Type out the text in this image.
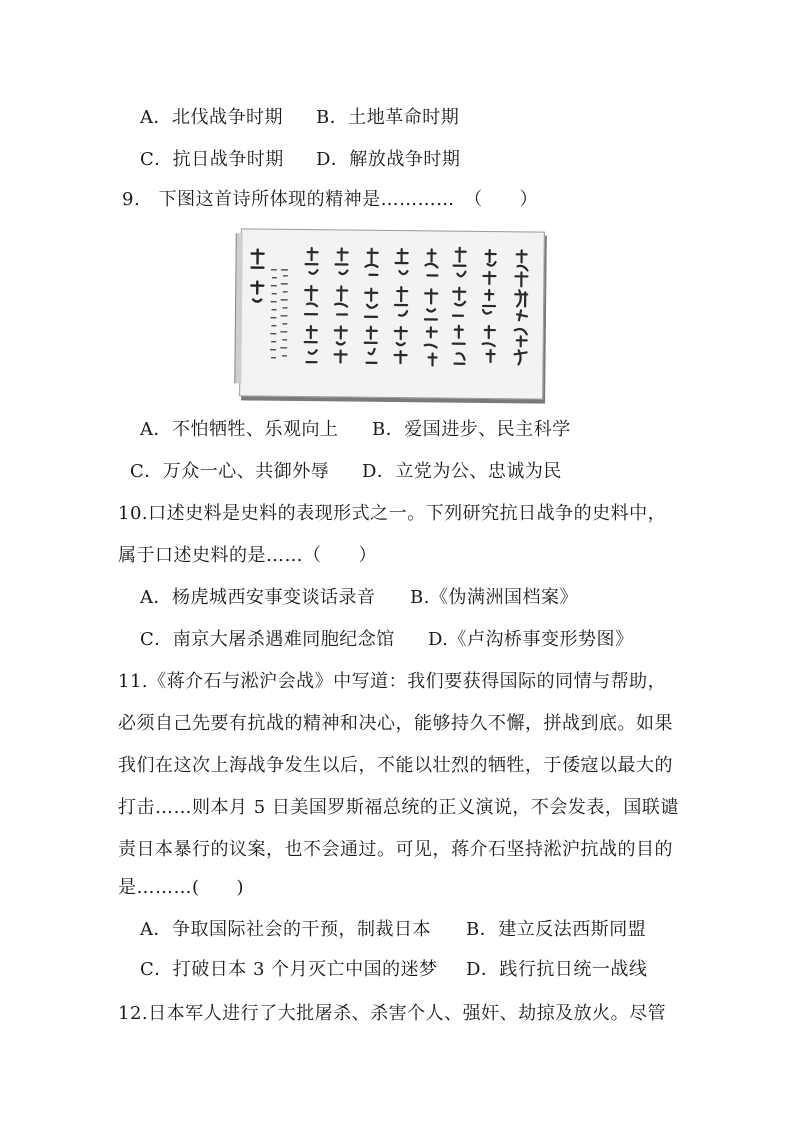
A．北伐战争时期 B．土地革命时期
C．抗日战争时期 D．解放战争时期
9.　下图这首诗所体现的精神是…………　（　　）
A．不怕牺牲、乐观向上 B．爱国进步、民主科学
C．万众一心、共御外辱 D．立党为公、忠诚为民
10.口述史料是史料的表现形式之一。下列研究抗日战争的史料中，
属于口述史料的是……（　　）
A．杨虎城西安事变谈话录音 B.《伪满洲国档案》
C．南京大屠杀遇难同胞纪念馆 D.《卢沟桥事变形势图》
11.《蒋介石与淞沪会战》中写道：我们要获得国际的同情与帮助，
必须自己先要有抗战的精神和决心，能够持久不懈，拼战到底。如果
我们在这次上海战争发生以后，不能以壮烈的牺牲，于倭寇以最大的
打击……则本月 5 日美国罗斯福总统的正义演说，不会发表，国联谴
责日本暴行的议案，也不会通过。可见，蒋介石坚持淞沪抗战的目的
是………(　　)
A．争取国际社会的干预，制裁日本 B．建立反法西斯同盟
C．打破日本 3 个月灭亡中国的迷梦 D．践行抗日统一战线
12.日本军人进行了大批屠杀、杀害个人、强奸、劫掠及放火。尽管
